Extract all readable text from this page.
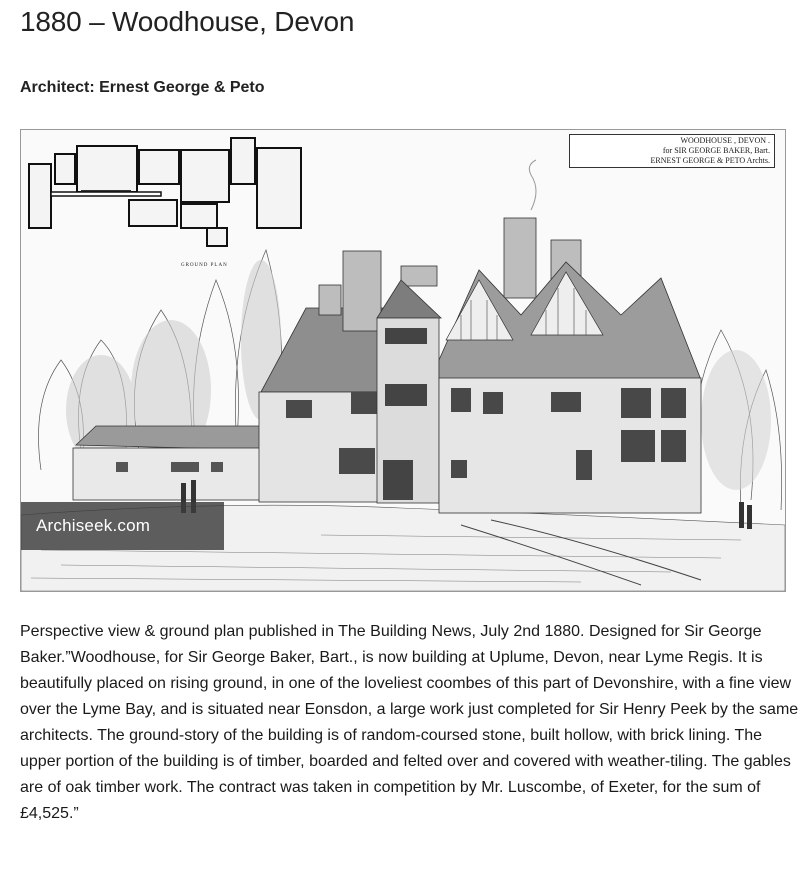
1880 – Woodhouse, Devon
Architect: Ernest George & Peto
WOODHOUSE , DEVON .
for SIR GEORGE BAKER, Bart.
ERNEST GEORGE & PETO Archts.
GROUND PLAN
Archiseek.com

Perspective view & ground plan published in The Building News, July 2nd 1880. Designed for Sir George Baker.”Woodhouse, for Sir George Baker, Bart., is now building at Uplume, Devon, near Lyme Regis. It is beautifully placed on rising ground, in one of the loveliest coombes of this part of Devonshire, with a fine view over the Lyme Bay, and is situated near Eonsdon, a large work just completed for Sir Henry Peek by the same architects. The ground-story of the building is of random-coursed stone, built hollow, with brick lining. The upper portion of the building is of timber, boarded and felted over and covered with weather-tiling. The gables are of oak timber work. The contract was taken in competition by Mr. Luscombe, of Exeter, for the sum of £4,525.”
